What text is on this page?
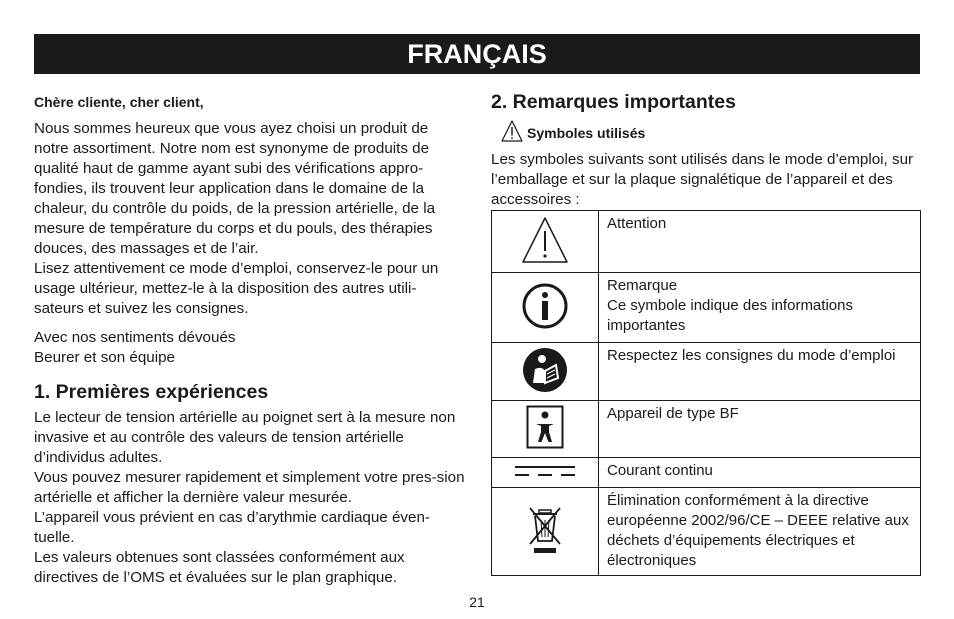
FRANÇAIS
Chère cliente, cher client,

Nous sommes heureux que vous ayez choisi un produit de notre assortiment. Notre nom est synonyme de produits de qualité haut de gamme ayant subi des vérifications appro-fondies, ils trouvent leur application dans le domaine de la chaleur, du contrôle du poids, de la pression artérielle, de la mesure de température du corps et du pouls, des thérapies douces, des massages et de l’air.

Lisez attentivement ce mode d’emploi, conservez-le pour un usage ultérieur, mettez-le à la disposition des autres utili-sateurs et suivez les consignes.

Avec nos sentiments dévoués

Beurer et son équipe

1. Premières expériences

Le lecteur de tension artérielle au poignet sert à la mesure non invasive et au contrôle des valeurs de tension artérielle d’individus adultes.

Vous pouvez mesurer rapidement et simplement votre pres-sion artérielle et afficher la dernière valeur mesurée.

L’appareil vous prévient en cas d’arythmie cardiaque éven-tuelle.

Les valeurs obtenues sont classées conformément aux directives de l’OMS et évaluées sur le plan graphique.

2. Remarques importantes
Symboles utilisés

Les symboles suivants sont utilisés dans le mode d’emploi, sur l’emballage et sur la plaque signalétique de l’appareil et des accessoires :

	Attention

Remarque
Ce symbole indique des informations importantes

	Respectez les consignes du mode d’emploi
	Appareil de type BF
	Courant continu
	Élimination conformément à la directive européenne 2002/96/CE – DEEE relative aux déchets d’équipements électriques et électroniques
21
